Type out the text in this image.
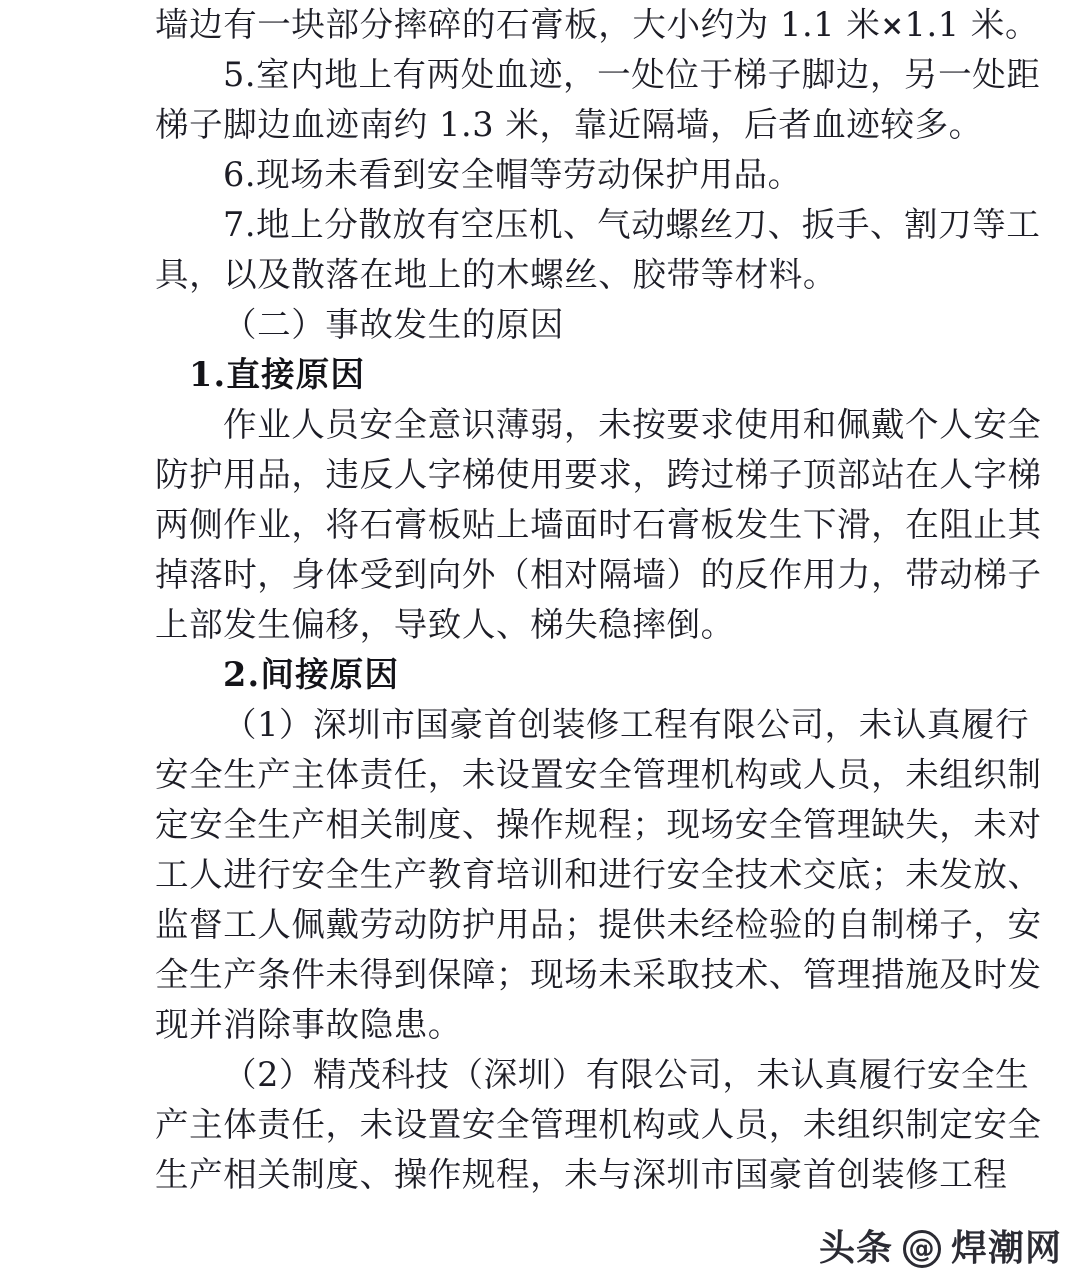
墙边有一块部分摔碎的石膏板，大小约为 1.1 米×1.1 米。
5.室内地上有两处血迹，一处位于梯子脚边，另一处距
梯子脚边血迹南约 1.3 米，靠近隔墙，后者血迹较多。
6.现场未看到安全帽等劳动保护用品。
7.地上分散放有空压机、气动螺丝刀、扳手、割刀等工
具，以及散落在地上的木螺丝、胶带等材料。
（二）事故发生的原因
1.直接原因
作业人员安全意识薄弱，未按要求使用和佩戴个人安全
防护用品，违反人字梯使用要求，跨过梯子顶部站在人字梯
两侧作业，将石膏板贴上墙面时石膏板发生下滑，在阻止其
掉落时，身体受到向外（相对隔墙）的反作用力，带动梯子
上部发生偏移，导致人、梯失稳摔倒。
2.间接原因
（1）深圳市国豪首创装修工程有限公司，未认真履行
安全生产主体责任，未设置安全管理机构或人员，未组织制
定安全生产相关制度、操作规程；现场安全管理缺失，未对
工人进行安全生产教育培训和进行安全技术交底；未发放、
监督工人佩戴劳动防护用品；提供未经检验的自制梯子，安
全生产条件未得到保障；现场未采取技术、管理措施及时发
现并消除事故隐患。
（2）精茂科技（深圳）有限公司，未认真履行安全生
产主体责任，未设置安全管理机构或人员，未组织制定安全
生产相关制度、操作规程，未与深圳市国豪首创装修工程
头条 @ 焊潮网
